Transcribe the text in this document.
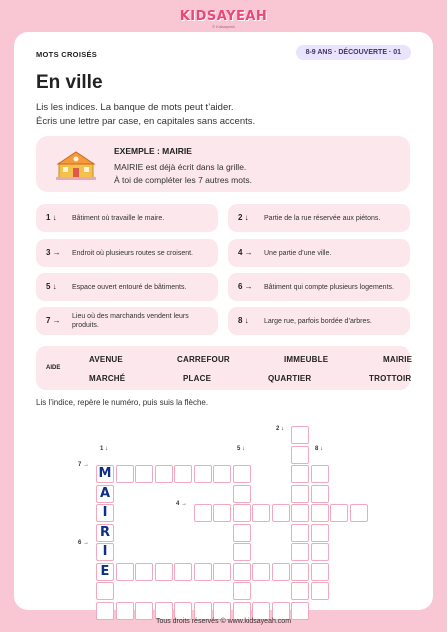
KIDSAYEAH
© Kidsayeah
MOTS CROISÉS	8-9 ANS · DÉCOUVERTE · 01
En ville
Lis les indices. La banque de mots peut t’aider.
Écris une lettre par case, en capitales sans accents.
EXEMPLE : MAIRIE
MAIRIE est déjà écrit dans la grille.
À toi de compléter les 7 autres mots.
1 ↓ Bâtiment où travaille le maire.	2 ↓ Partie de la rue réservée aux piétons.
3 → Endroit où plusieurs routes se croisent.	4 → Une partie d’une ville.
5 ↓ Espace ouvert entouré de bâtiments.	6 → Bâtiment qui compte plusieurs logements.
7 → Lieu où des marchands vendent leurs produits.
8 ↓ Large rue, parfois bordée d’arbres.
AIDE
AVENUE	CARREFOUR	IMMEUBLE	MAIRIE
MARCHÉ	PLACE	QUARTIER	TROTTOIR
Lis l’indice, repère le numéro, puis suis la flèche.
1 ↓
2 ↓
4 →
5 ↓
6 →
7 →
8 ↓
M
A
I
R
I
E
Tous droits réservés © www.kidsayeah.com
